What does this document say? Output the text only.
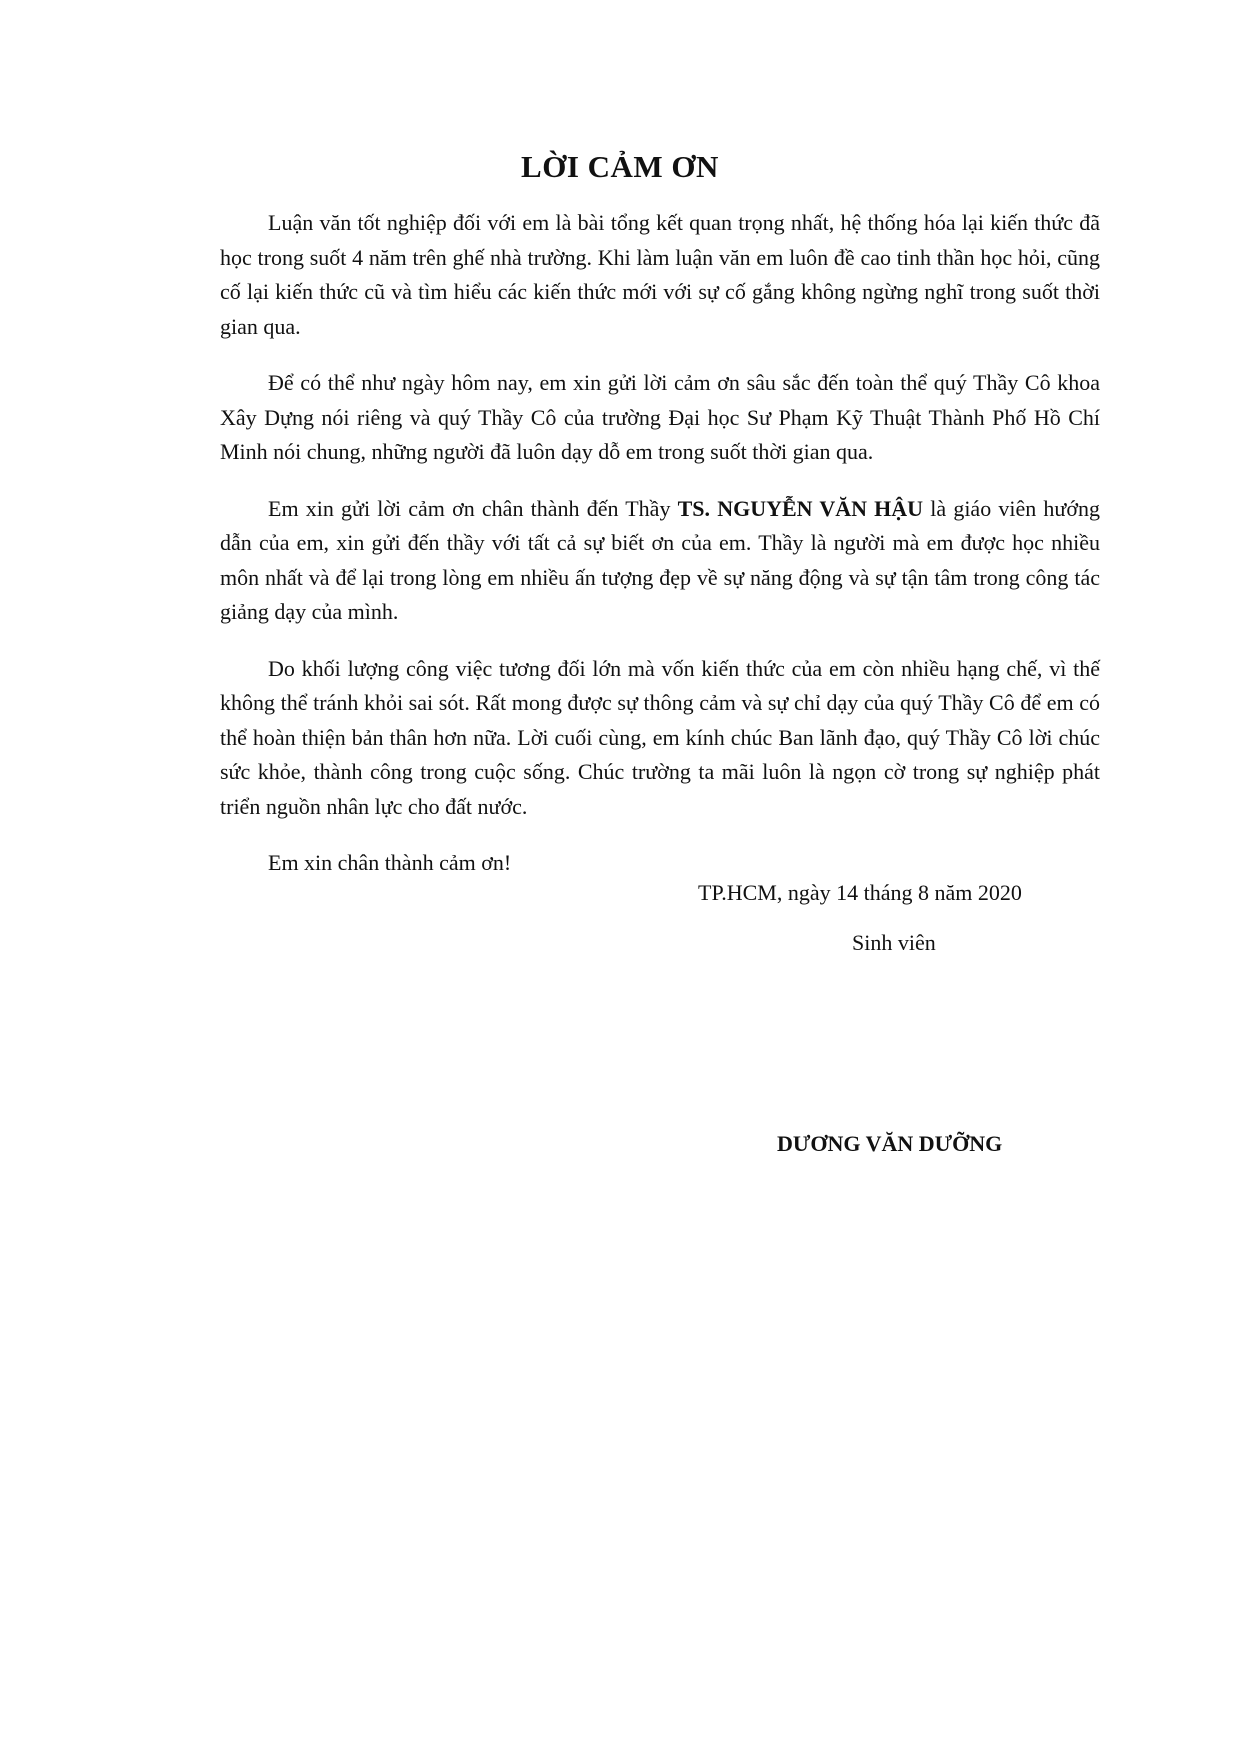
LỜI CẢM ƠN

Luận văn tốt nghiệp đối với em là bài tổng kết quan trọng nhất, hệ thống hóa lại kiến thức đã học trong suốt 4 năm trên ghế nhà trường. Khi làm luận văn em luôn đề cao tinh thần học hỏi, cũng cố lại kiến thức cũ và tìm hiểu các kiến thức mới với sự cố gắng không ngừng nghĩ trong suốt thời gian qua.

Để có thể như ngày hôm nay, em xin gửi lời cảm ơn sâu sắc đến toàn thể quý Thầy Cô khoa Xây Dựng nói riêng và quý Thầy Cô của trường Đại học Sư Phạm Kỹ Thuật Thành Phố Hồ Chí Minh nói chung, những người đã luôn dạy dỗ em trong suốt thời gian qua.

Em xin gửi lời cảm ơn chân thành đến Thầy TS. NGUYỄN VĂN HẬU là giáo viên hướng dẫn của em, xin gửi đến thầy với tất cả sự biết ơn của em. Thầy là người mà em được học nhiều môn nhất và để lại trong lòng em nhiều ấn tượng đẹp về sự năng động và sự tận tâm trong công tác giảng dạy của mình.

Do khối lượng công việc tương đối lớn mà vốn kiến thức của em còn nhiều hạng chế, vì thế không thể tránh khỏi sai sót. Rất mong được sự thông cảm và sự chỉ dạy của quý Thầy Cô để em có thể hoàn thiện bản thân hơn nữa. Lời cuối cùng, em kính chúc Ban lãnh đạo, quý Thầy Cô lời chúc sức khỏe, thành công trong cuộc sống. Chúc trường ta mãi luôn là ngọn cờ trong sự nghiệp phát triển nguồn nhân lực cho đất nước.

Em xin chân thành cảm ơn!

TP.HCM, ngày 14 tháng 8 năm 2020

Sinh viên

DƯƠNG VĂN DƯỠNG
